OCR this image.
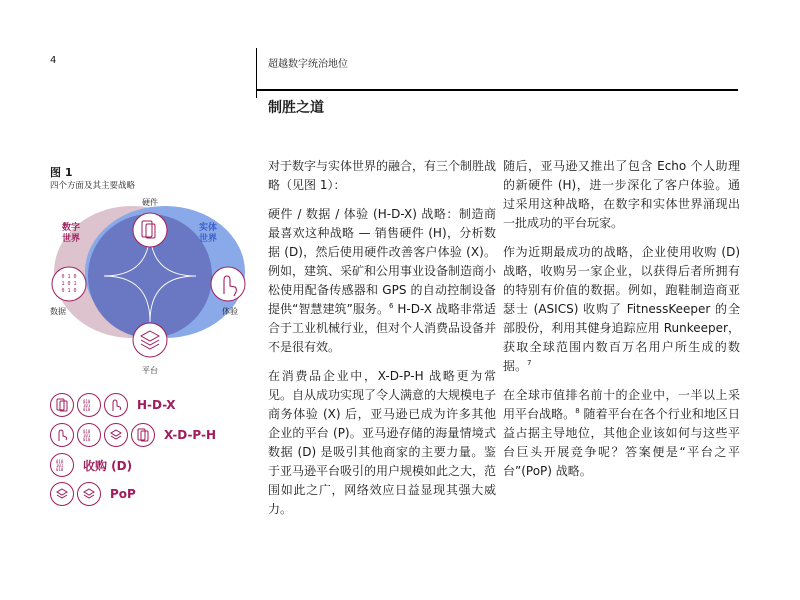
4	超越数字统治地位
制胜之道
图 1
四个方面及其主要战略
数字
世界
实体
世界
硬件
0 1 0
1 0 1
0 1 0
数据	体验
平台
010
101
010	H-D-X
010
101
010	X-D-P-H
010
101
010 收购 (D)
PoP

对于数字与实体世界的融合，有三个制胜战略（见图 1）：

硬件 / 数据 / 体验 (H-D-X) 战略：制造商最喜欢这种战略 — 销售硬件 (H)，分析数据 (D)，然后使用硬件改善客户体验 (X)。例如，建筑、采矿和公用事业设备制造商小松使用配备传感器和 GPS 的自动控制设备提供“智慧建筑”服务。$^6$ H-D-X 战略非常适合于工业机械行业，但对个人消费品设备并不是很有效。

在消费品企业中，X-D-P-H 战略更为常见。自从成功实现了令人满意的大规模电子商务体验 (X) 后，亚马逊已成为许多其他企业的平台 (P)。亚马逊存储的海量情境式数据 (D) 是吸引其他商家的主要力量。鉴于亚马逊平台吸引的用户规模如此之大，范围如此之广，网络效应日益显现其强大威力。

随后，亚马逊又推出了包含 Echo 个人助理的新硬件 (H)，进一步深化了客户体验。通过采用这种战略，在数字和实体世界涌现出一批成功的平台玩家。

作为近期最成功的战略，企业使用收购 (D) 战略，收购另一家企业，以获得后者所拥有的特别有价值的数据。例如，跑鞋制造商亚瑟士 (ASICS) 收购了 FitnessKeeper 的全部股份，利用其健身追踪应用 Runkeeper，获取全球范围内数百万名用户所生成的数据。$^7$

在全球市值排名前十的企业中，一半以上采用平台战略。$^8$ 随着平台在各个行业和地区日益占据主导地位，其他企业该如何与这些平台巨头开展竞争呢？答案便是“平台之平台”(PoP) 战略。
